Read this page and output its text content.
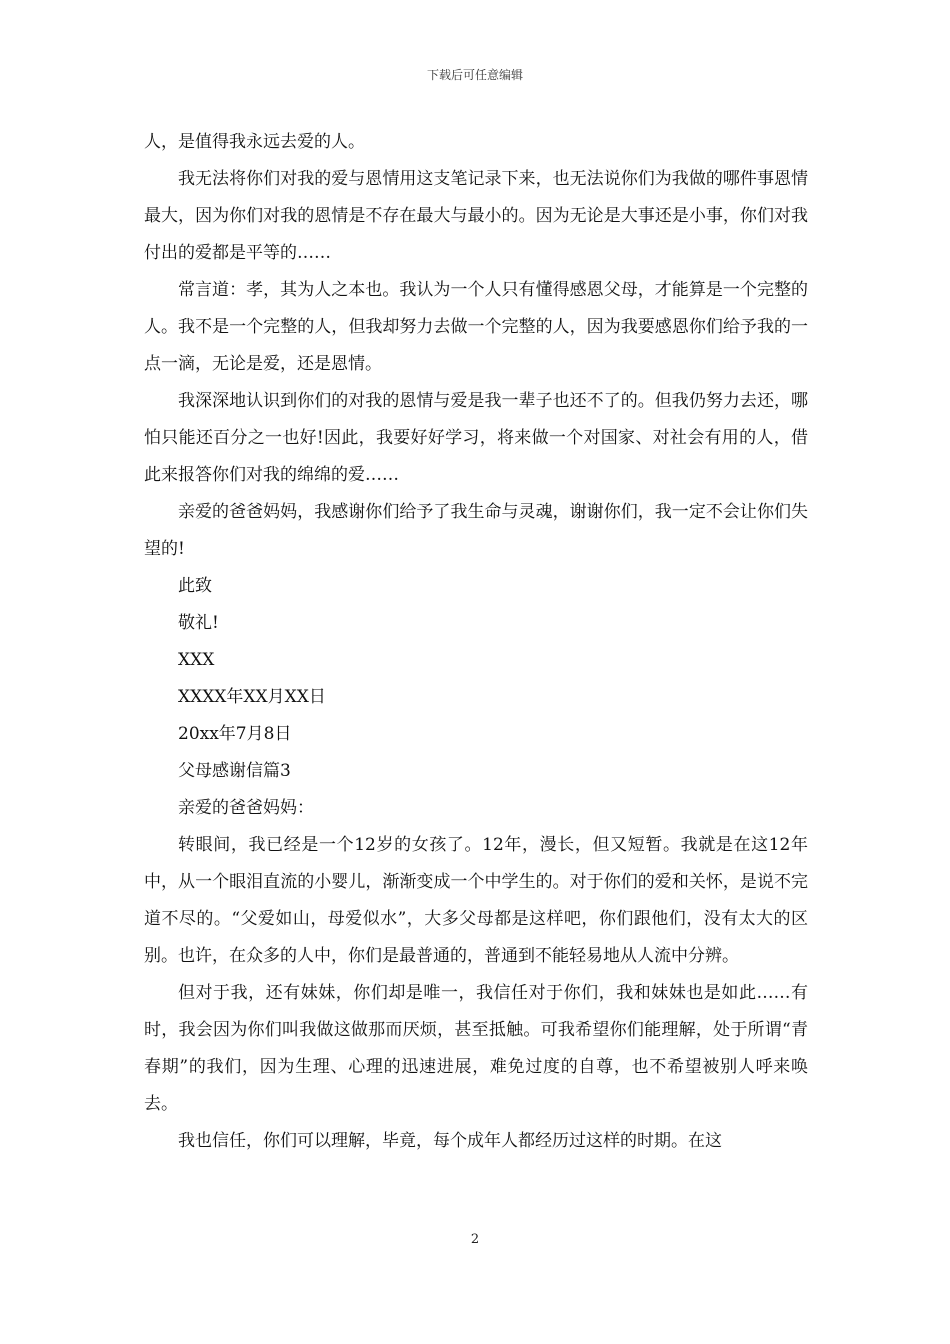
下载后可任意编辑

人，是值得我永远去爱的人。

我无法将你们对我的爱与恩情用这支笔记录下来，也无法说你们为我做的哪件事恩情最大，因为你们对我的恩情是不存在最大与最小的。因为无论是大事还是小事，你们对我付出的爱都是平等的……

常言道：孝，其为人之本也。我认为一个人只有懂得感恩父母，才能算是一个完整的人。我不是一个完整的人，但我却努力去做一个完整的人，因为我要感恩你们给予我的一点一滴，无论是爱，还是恩情。

我深深地认识到你们的对我的恩情与爱是我一辈子也还不了的。但我仍努力去还，哪怕只能还百分之一也好!因此，我要好好学习，将来做一个对国家、对社会有用的人，借此来报答你们对我的绵绵的爱……

亲爱的爸爸妈妈，我感谢你们给予了我生命与灵魂，谢谢你们，我一定不会让你们失望的!

此致

敬礼!

XXX

XXXX年XX月XX日

20xx年7月8日

父母感谢信篇3

亲爱的爸爸妈妈：

转眼间，我已经是一个12岁的女孩了。12年，漫长，但又短暂。我就是在这12年中，从一个眼泪直流的小婴儿，渐渐变成一个中学生的。对于你们的爱和关怀，是说不完道不尽的。“父爱如山，母爱似水”，大多父母都是这样吧，你们跟他们，没有太大的区别。也许，在众多的人中，你们是最普通的，普通到不能轻易地从人流中分辨。

但对于我，还有妹妹，你们却是唯一，我信任对于你们，我和妹妹也是如此……有时，我会因为你们叫我做这做那而厌烦，甚至抵触。可我希望你们能理解，处于所谓“青春期”的我们，因为生理、心理的迅速进展，难免过度的自尊，也不希望被别人呼来唤去。

我也信任，你们可以理解，毕竟，每个成年人都经历过这样的时期。在这

2
